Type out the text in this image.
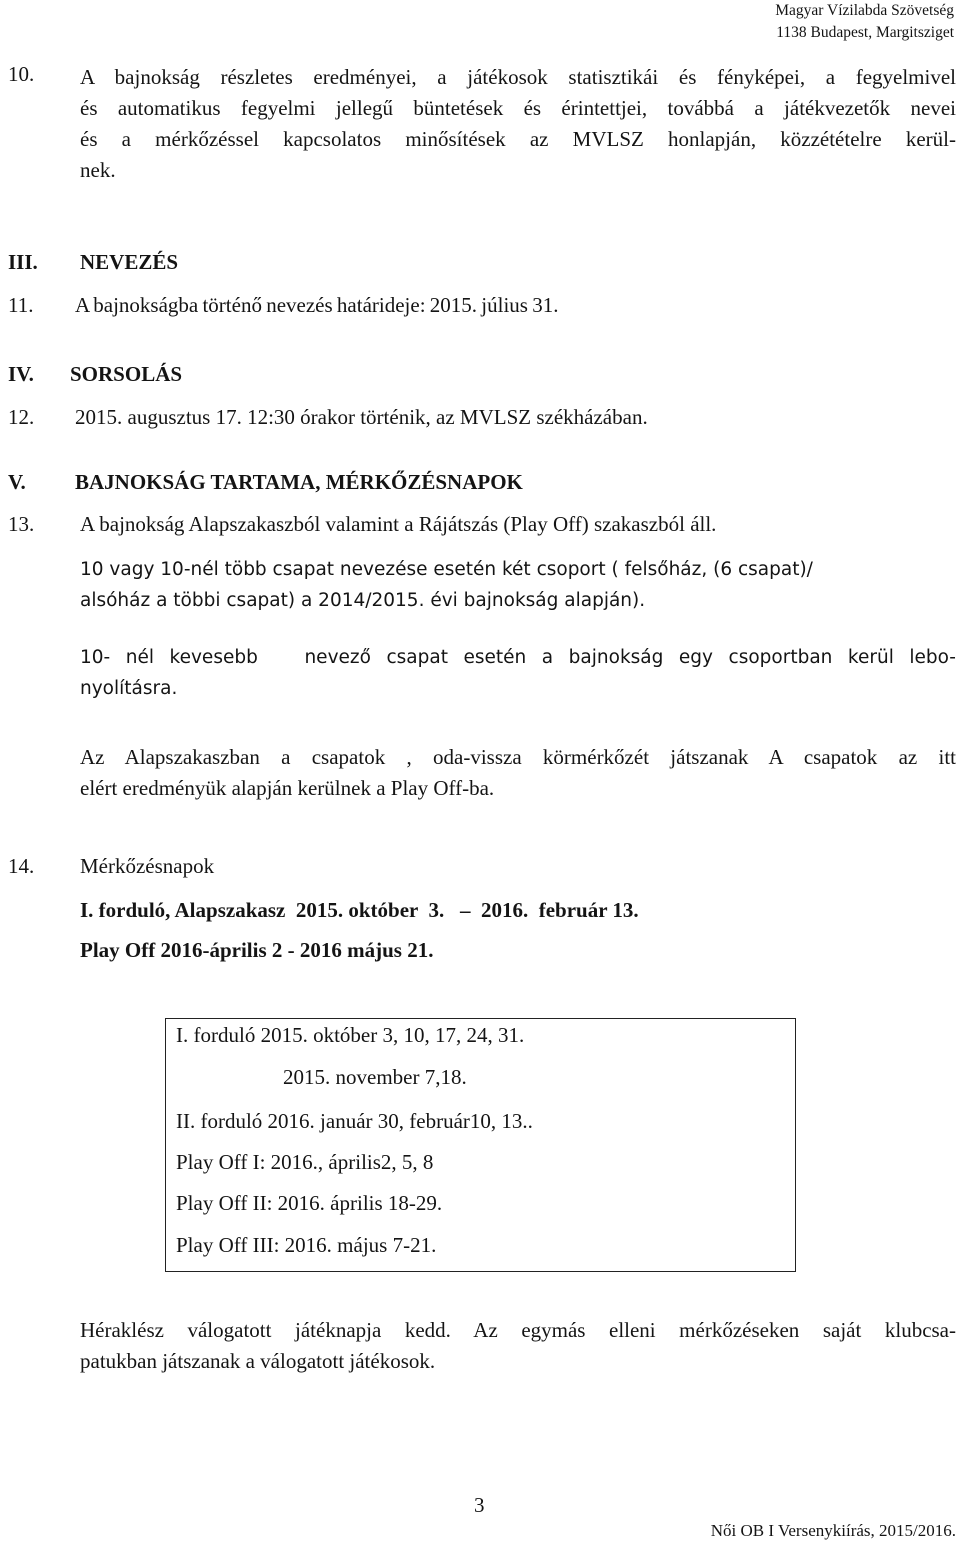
Magyar Vízilabda Szövetség
1138 Budapest, Margitsziget
10. A bajnokság részletes eredményei, a játékosok statisztikái és fényképei, a fegyelmivel
és automatikus fegyelmi jellegű büntetések és érintettjei, továbbá a játékvezetők nevei
és a mérkőzéssel kapcsolatos minősítések az MVLSZ honlapján, közzétételre kerül-
nek.
III. NEVEZÉS
11. A bajnokságba történő nevezés határideje: 2015. július 31.
IV. SORSOLÁS
12. 2015. augusztus 17. 12:30 órakor történik, az MVLSZ székházában.
V. BAJNOKSÁG TARTAMA, MÉRKŐZÉSNAPOK
13. A bajnokság Alapszakaszból valamint a Rájátszás (Play Off) szakaszból áll.
10 vagy 10-nél több csapat nevezése esetén két csoport ( felsőház, (6 csapat)/
alsóház a többi csapat) a 2014/2015. évi bajnokság alapján).
10- nél kevesebb   nevező csapat esetén a bajnokság egy csoportban kerül lebo-
nyolításra.
Az Alapszakaszban a csapatok , oda-vissza körmérkőzét játszanak A csapatok az itt
elért eredményük alapján kerülnek a Play Off-ba.
14. Mérkőzésnapok
I. forduló, Alapszakasz  2015. október  3.   –  2016.  február 13.
Play Off 2016-április 2 - 2016 május 21.
I. forduló 2015. október 3, 10, 17, 24, 31.
2015. november 7,18.
II. forduló 2016. január 30, február10, 13..
Play Off I: 2016., április2, 5, 8
Play Off II: 2016. április 18-29.
Play Off III: 2016. május 7-21.
Héraklész válogatott játéknapja kedd. Az egymás elleni mérkőzéseken saját klubcsa-
patukban játszanak a válogatott játékosok.
3
Női OB I Versenykiírás, 2015/2016.
